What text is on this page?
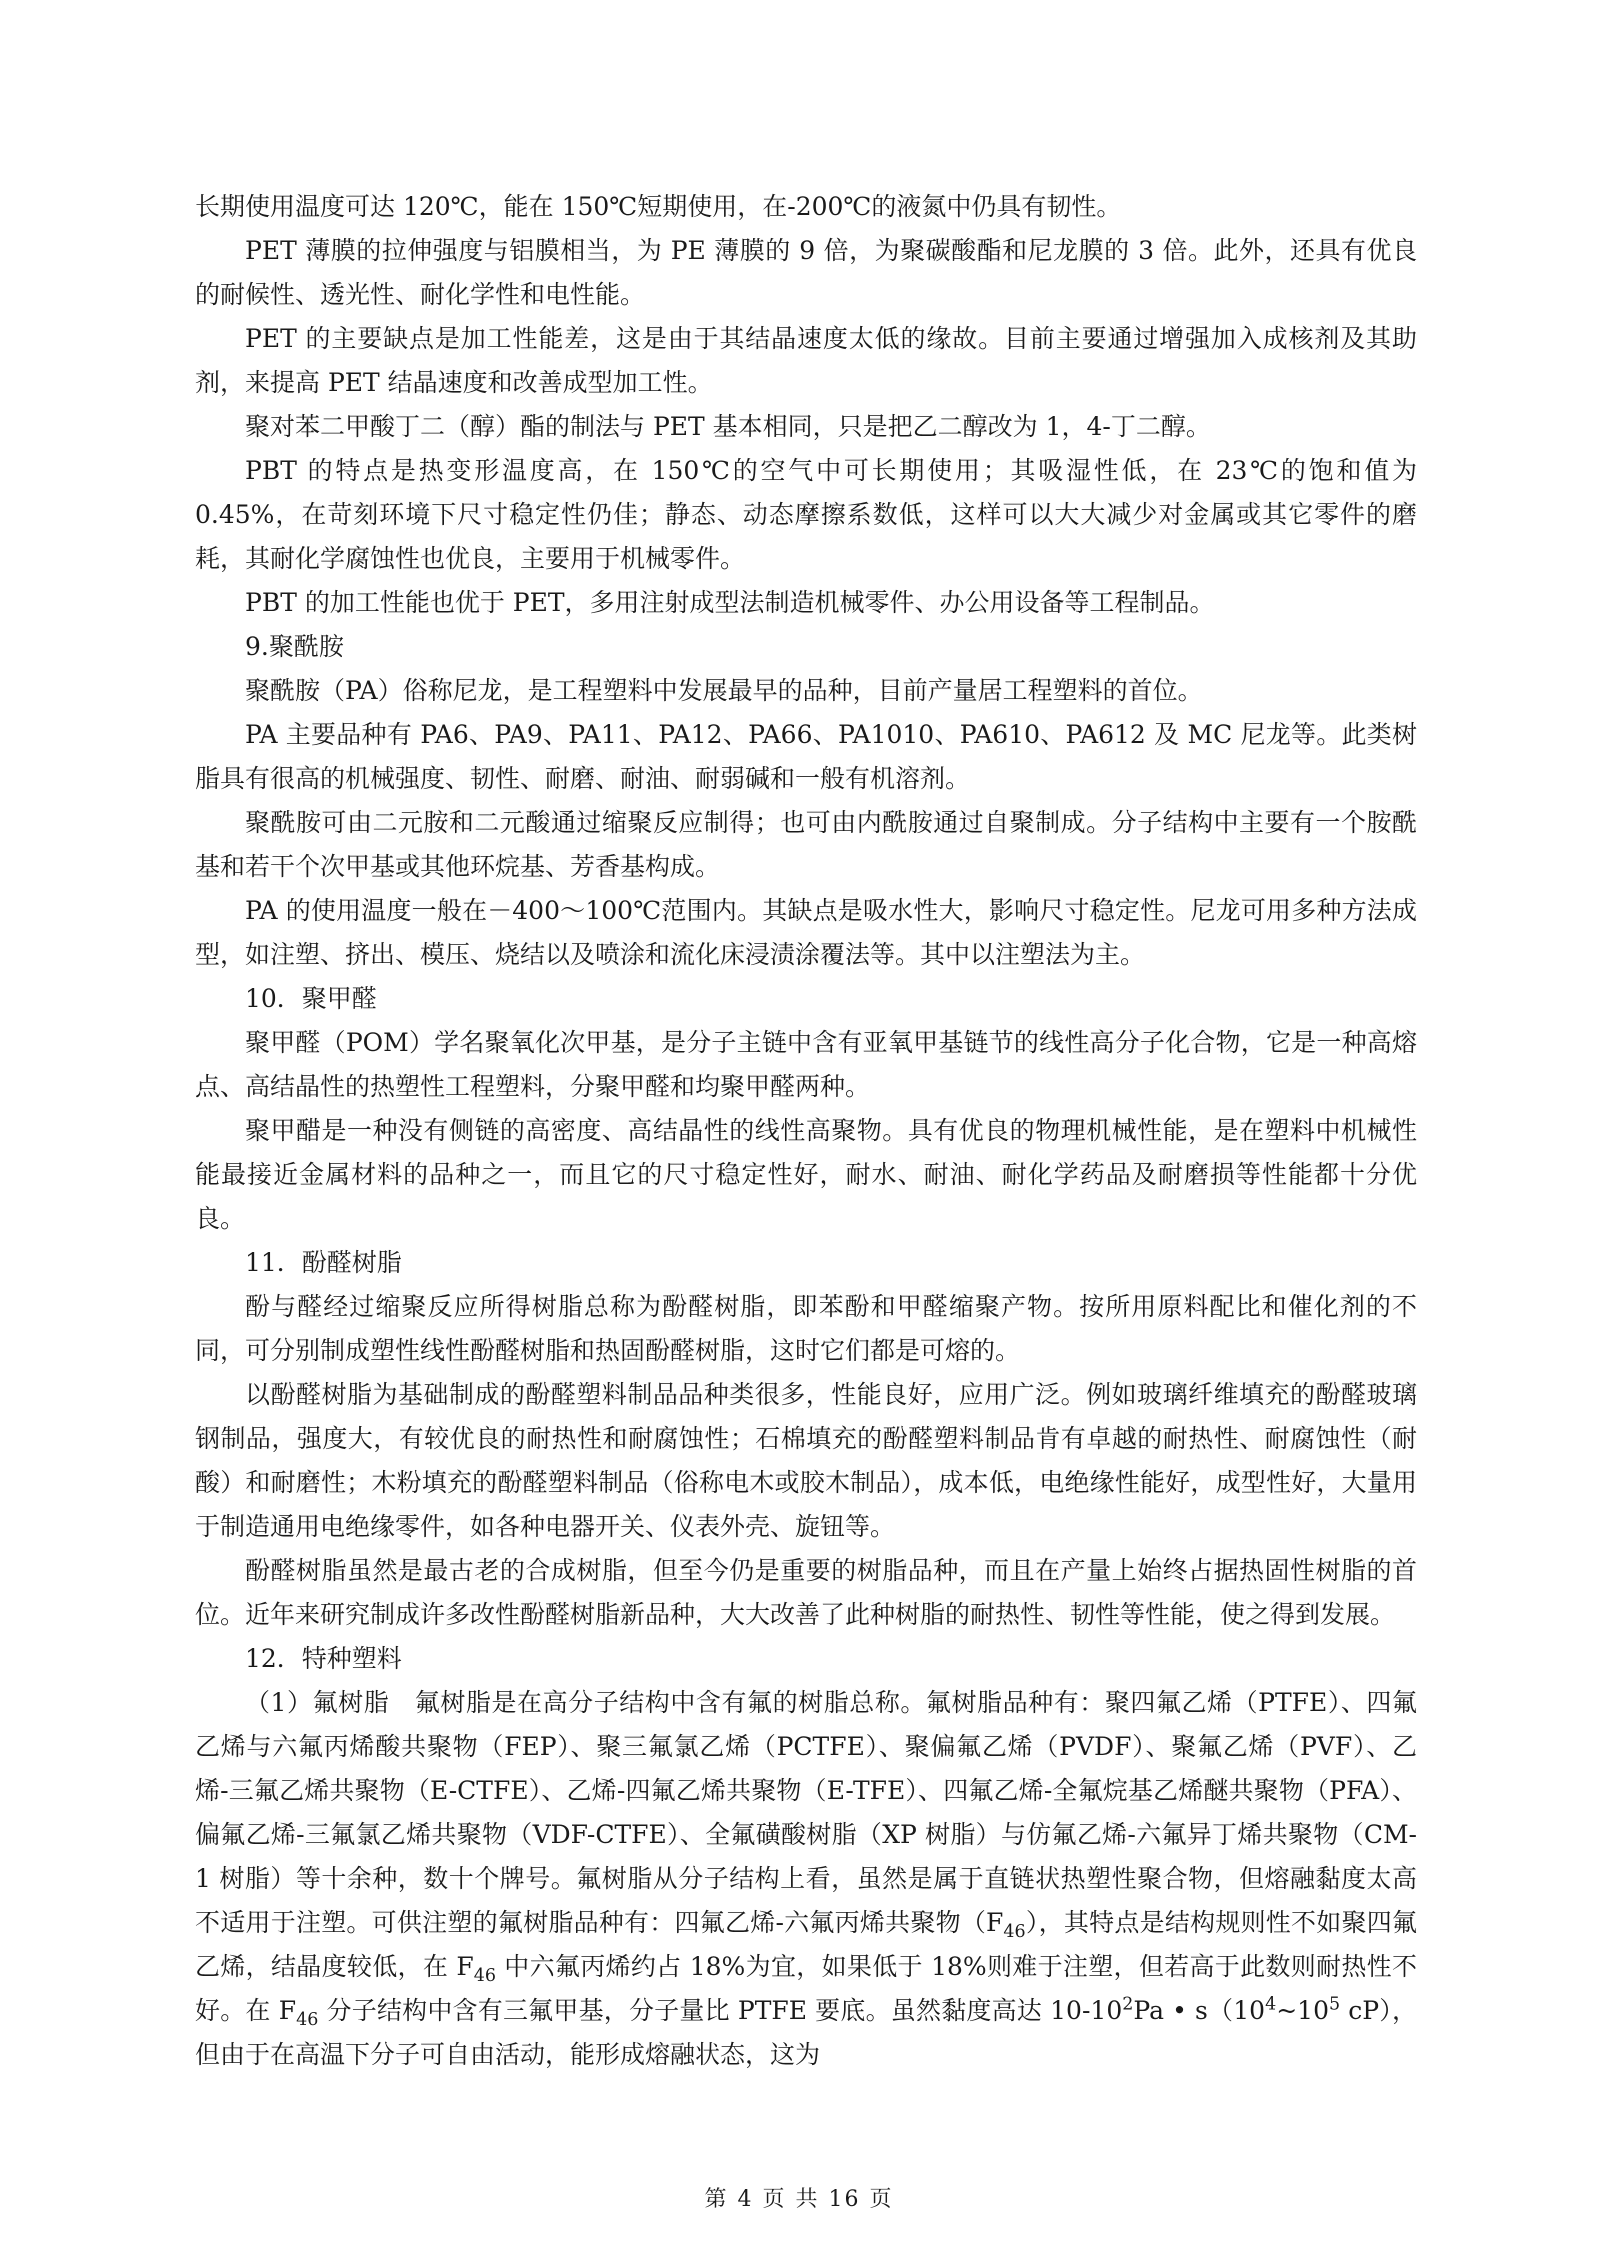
长期使用温度可达 120℃，能在 150℃短期使用，在-200℃的液氮中仍具有韧性。

PET 薄膜的拉伸强度与铝膜相当，为 PE 薄膜的 9 倍，为聚碳酸酯和尼龙膜的 3 倍。此外，还具有优良的耐候性、透光性、耐化学性和电性能。

PET 的主要缺点是加工性能差，这是由于其结晶速度太低的缘故。目前主要通过增强加入成核剂及其助剂，来提高 PET 结晶速度和改善成型加工性。

聚对苯二甲酸丁二（醇）酯的制法与 PET 基本相同，只是把乙二醇改为 1，4-丁二醇。

PBT 的特点是热变形温度高，在 150℃的空气中可长期使用；其吸湿性低，在 23℃的饱和值为 0.45%，在苛刻环境下尺寸稳定性仍佳；静态、动态摩擦系数低，这样可以大大减少对金属或其它零件的磨耗，其耐化学腐蚀性也优良，主要用于机械零件。

PBT 的加工性能也优于 PET，多用注射成型法制造机械零件、办公用设备等工程制品。

9.聚酰胺

聚酰胺（PA）俗称尼龙，是工程塑料中发展最早的品种，目前产量居工程塑料的首位。

PA 主要品种有 PA6、PA9、PA11、PA12、PA66、PA1010、PA610、PA612 及 MC 尼龙等。此类树脂具有很高的机械强度、韧性、耐磨、耐油、耐弱碱和一般有机溶剂。

聚酰胺可由二元胺和二元酸通过缩聚反应制得；也可由内酰胺通过自聚制成。分子结构中主要有一个胺酰基和若干个次甲基或其他环烷基、芳香基构成。

PA 的使用温度一般在－400～100℃范围内。其缺点是吸水性大，影响尺寸稳定性。尼龙可用多种方法成型，如注塑、挤出、模压、烧结以及喷涂和流化床浸渍涂覆法等。其中以注塑法为主。

10．聚甲醛

聚甲醛（POM）学名聚氧化次甲基，是分子主链中含有亚氧甲基链节的线性高分子化合物，它是一种高熔点、高结晶性的热塑性工程塑料，分聚甲醛和均聚甲醛两种。

聚甲醋是一种没有侧链的高密度、高结晶性的线性高聚物。具有优良的物理机械性能，是在塑料中机械性能最接近金属材料的品种之一，而且它的尺寸稳定性好，耐水、耐油、耐化学药品及耐磨损等性能都十分优良。

11．酚醛树脂

酚与醛经过缩聚反应所得树脂总称为酚醛树脂，即苯酚和甲醛缩聚产物。按所用原料配比和催化剂的不同，可分别制成塑性线性酚醛树脂和热固酚醛树脂，这时它们都是可熔的。

以酚醛树脂为基础制成的酚醛塑料制品品种类很多，性能良好，应用广泛。例如玻璃纤维填充的酚醛玻璃钢制品，强度大，有较优良的耐热性和耐腐蚀性；石棉填充的酚醛塑料制品肯有卓越的耐热性、耐腐蚀性（耐酸）和耐磨性；木粉填充的酚醛塑料制品（俗称电木或胶木制品），成本低，电绝缘性能好，成型性好，大量用于制造通用电绝缘零件，如各种电器开关、仪表外壳、旋钮等。

酚醛树脂虽然是最古老的合成树脂，但至今仍是重要的树脂品种，而且在产量上始终占据热固性树脂的首位。近年来研究制成许多改性酚醛树脂新品种，大大改善了此种树脂的耐热性、韧性等性能，使之得到发展。

12．特种塑料

（1）氟树脂　氟树脂是在高分子结构中含有氟的树脂总称。氟树脂品种有：聚四氟乙烯（PTFE）、四氟乙烯与六氟丙烯酸共聚物（FEP）、聚三氟氯乙烯（PCTFE）、聚偏氟乙烯（PVDF）、聚氟乙烯（PVF）、乙烯-三氟乙烯共聚物（E-CTFE）、乙烯-四氟乙烯共聚物（E-TFE）、四氟乙烯-全氟烷基乙烯醚共聚物（PFA）、偏氟乙烯-三氟氯乙烯共聚物（VDF-CTFE）、全氟磺酸树脂（XP 树脂）与仿氟乙烯-六氟异丁烯共聚物（CM-1 树脂）等十余种，数十个牌号。氟树脂从分子结构上看，虽然是属于直链状热塑性聚合物，但熔融黏度太高不适用于注塑。可供注塑的氟树脂品种有：四氟乙烯-六氟丙烯共聚物$(F_{46})$，其特点是结构规则性不如聚四氟乙烯，结晶度较低，在 $F_{46}$ 中六氟丙烯约占 18%为宜，如果低于 18%则难于注塑，但若高于此数则耐热性不好。在 $F_{46}$ 分子结构中含有三氟甲基，分子量比 PTFE 要底。虽然黏度高达 $10-10^2Pa$ • $s(10^4\sim 10^5$ cP），但由于在高温下分子可自由活动，能形成熔融状态，这为

第 4 页 共 16 页
